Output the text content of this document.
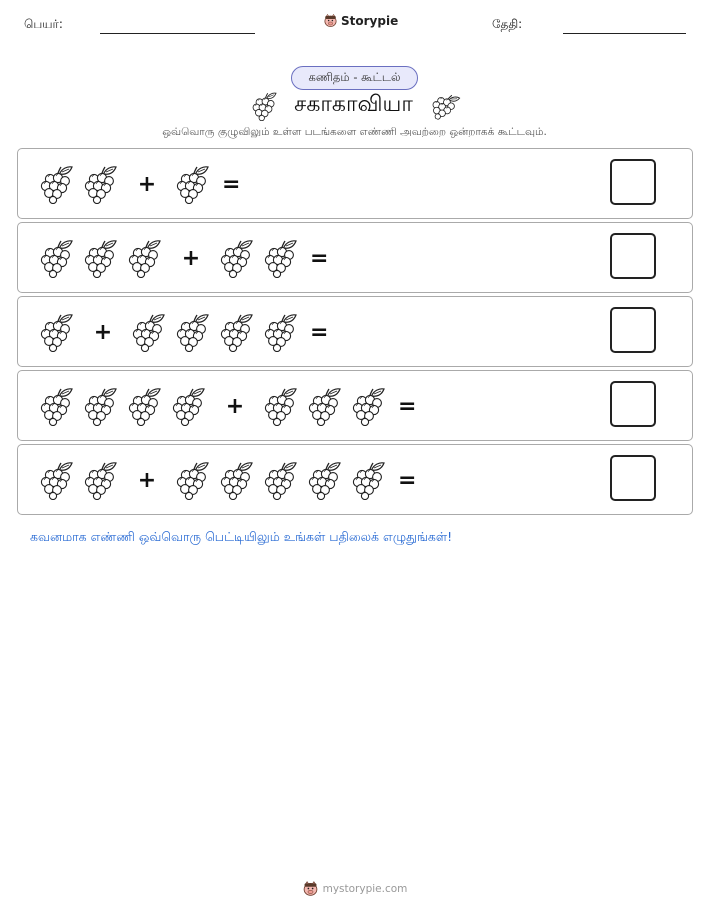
பெயர்:	Storypie	தேதி:
கணிதம் - கூட்டல்
சகாகாவியா
ஒவ்வொரு குழுவிலும் உள்ள படங்களை எண்ணி அவற்றை ஒன்றாகக் கூட்டவும்.
+	=
+	=
+	=
+	=
+	=
கவனமாக எண்ணி ஒவ்வொரு பெட்டியிலும் உங்கள் பதிலைக் எழுதுங்கள்!
mystorypie.com
